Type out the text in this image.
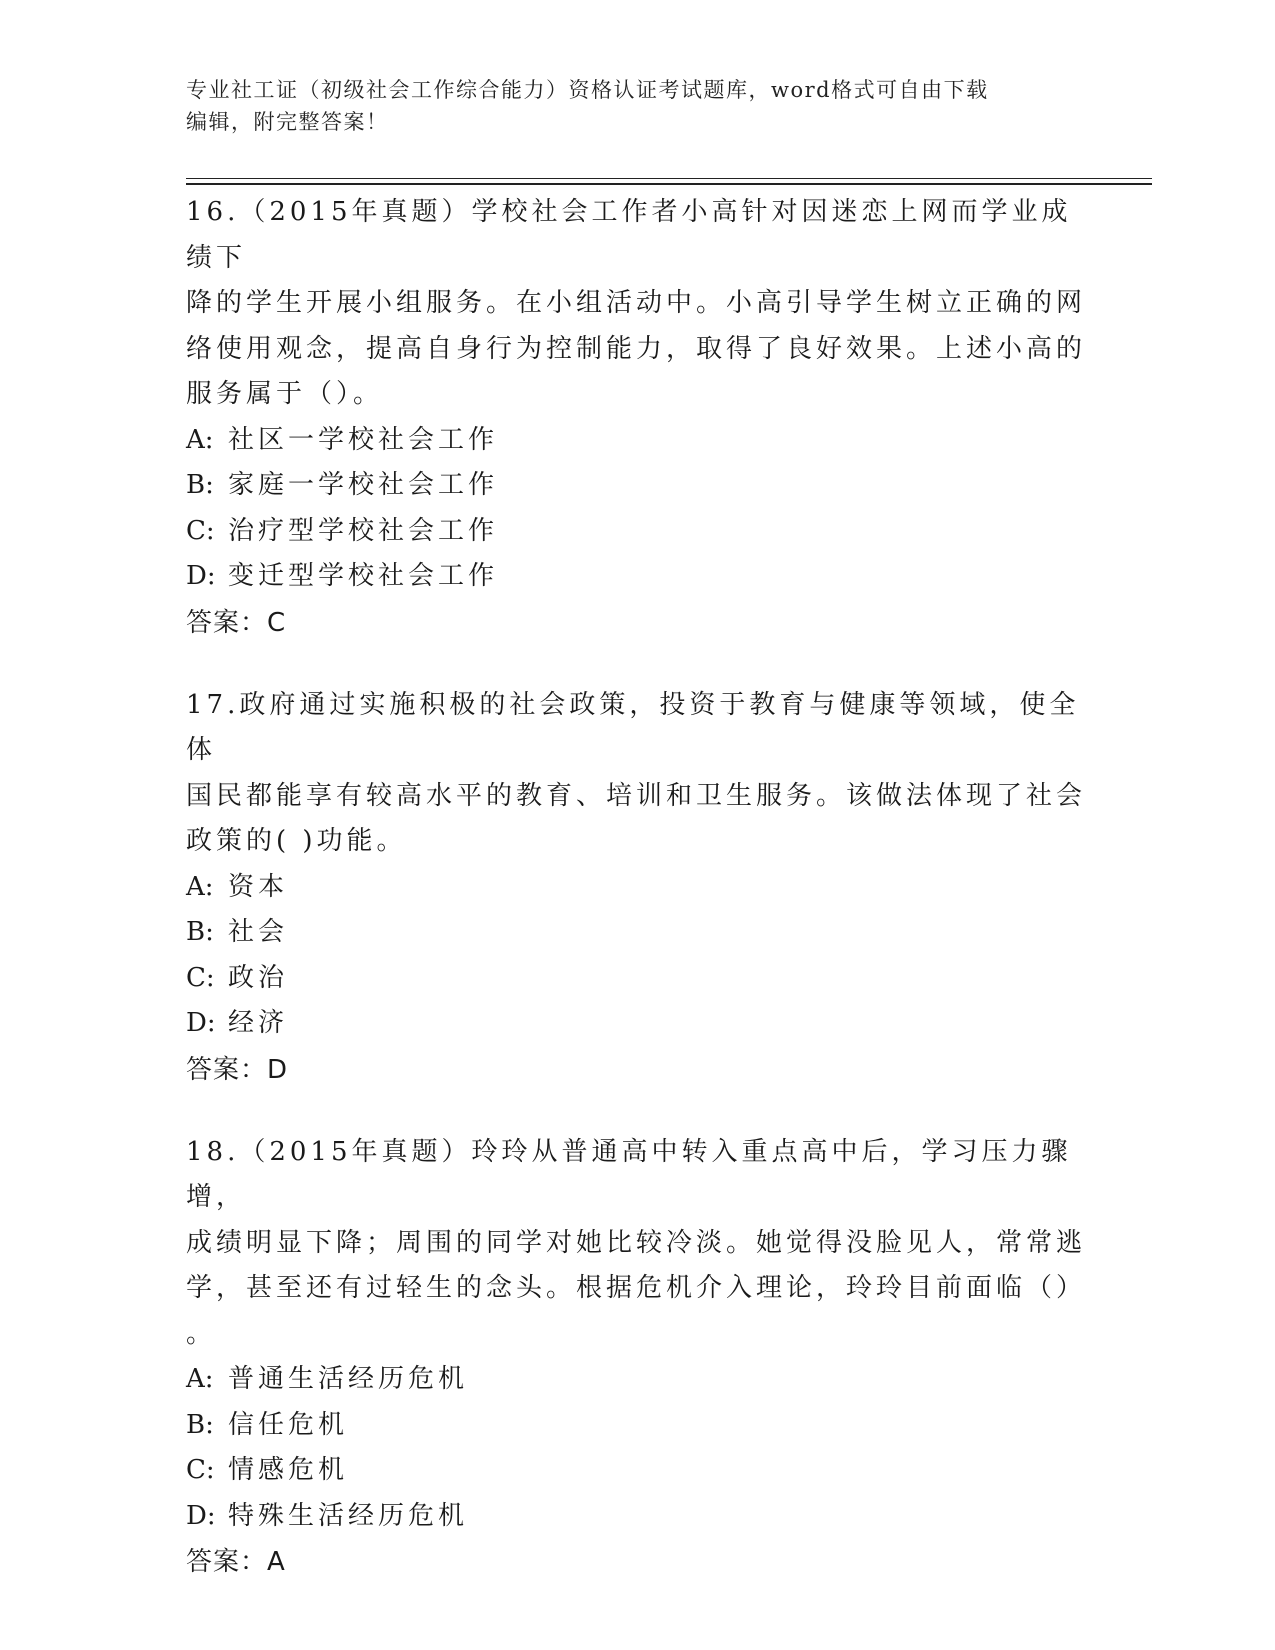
专业社工证（初级社会工作综合能力）资格认证考试题库，word格式可自由下载
编辑，附完整答案！

16.（2015年真题）学校社会工作者小高针对因迷恋上网而学业成绩下

降的学生开展小组服务。在小组活动中。小高引导学生树立正确的网

络使用观念，提高自身行为控制能力，取得了良好效果。上述小高的

服务属于（）。

A: 社区一学校社会工作
B: 家庭一学校社会工作
C: 治疗型学校社会工作
D: 变迁型学校社会工作

答案：C

17.政府通过实施积极的社会政策，投资于教育与健康等领域，使全体

国民都能享有较高水平的教育、培训和卫生服务。该做法体现了社会

政策的( )功能。

A: 资本
B: 社会
C: 政治
D: 经济

答案：D

18.（2015年真题）玲玲从普通高中转入重点高中后，学习压力骤增，

成绩明显下降；周围的同学对她比较冷淡。她觉得没脸见人，常常逃

学，甚至还有过轻生的念头。根据危机介入理论，玲玲目前面临（）

。

A: 普通生活经历危机
B: 信任危机
C: 情感危机
D: 特殊生活经历危机

答案：A
